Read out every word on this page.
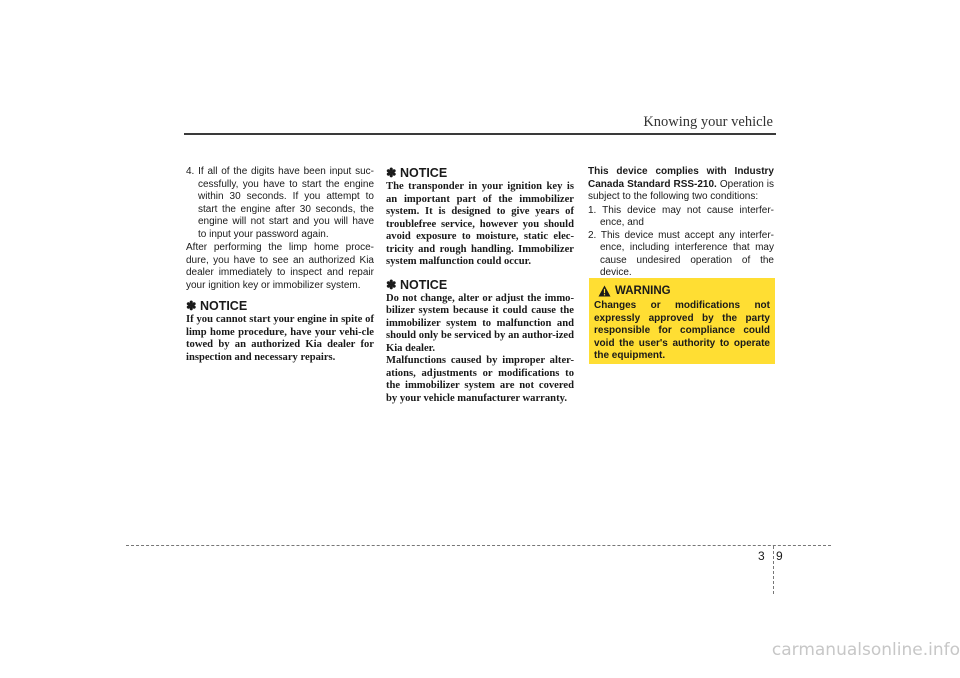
Knowing your vehicle

4. If all of the digits have been input suc-cessfully, you have to start the engine within 30 seconds. If you attempt to start the engine after 30 seconds, the engine will not start and you will have to input your password again.

After performing the limp home proce-dure, you have to see an authorized Kia dealer immediately to inspect and repair your ignition key or immobilizer system.

✽ NOTICE

If you cannot start your engine in spite of limp home procedure, have your vehi-cle towed by an authorized Kia dealer for inspection and necessary repairs.

✽ NOTICE

The transponder in your ignition key is an important part of the immobilizer system. It is designed to give years of troublefree service, however you should avoid exposure to moisture, static elec-tricity and rough handling. Immobilizer system malfunction could occur.

✽ NOTICE

Do not change, alter or adjust the immo-bilizer system because it could cause the immobilizer system to malfunction and should only be serviced by an author-ized Kia dealer.

Malfunctions caused by improper alter-ations, adjustments or modifications to the immobilizer system are not covered by your vehicle manufacturer warranty.

This device complies with Industry Canada Standard RSS-210. Operation is subject to the following two conditions:

1. This device may not cause interfer-ence, and

2. This device must accept any interfer-ence, including interference that may cause undesired operation of the device.

WARNING
Changes or modifications not expressly approved by the party responsible for compliance could void the user's authority to operate the equipment.
3 9
carmanualsonline.info
